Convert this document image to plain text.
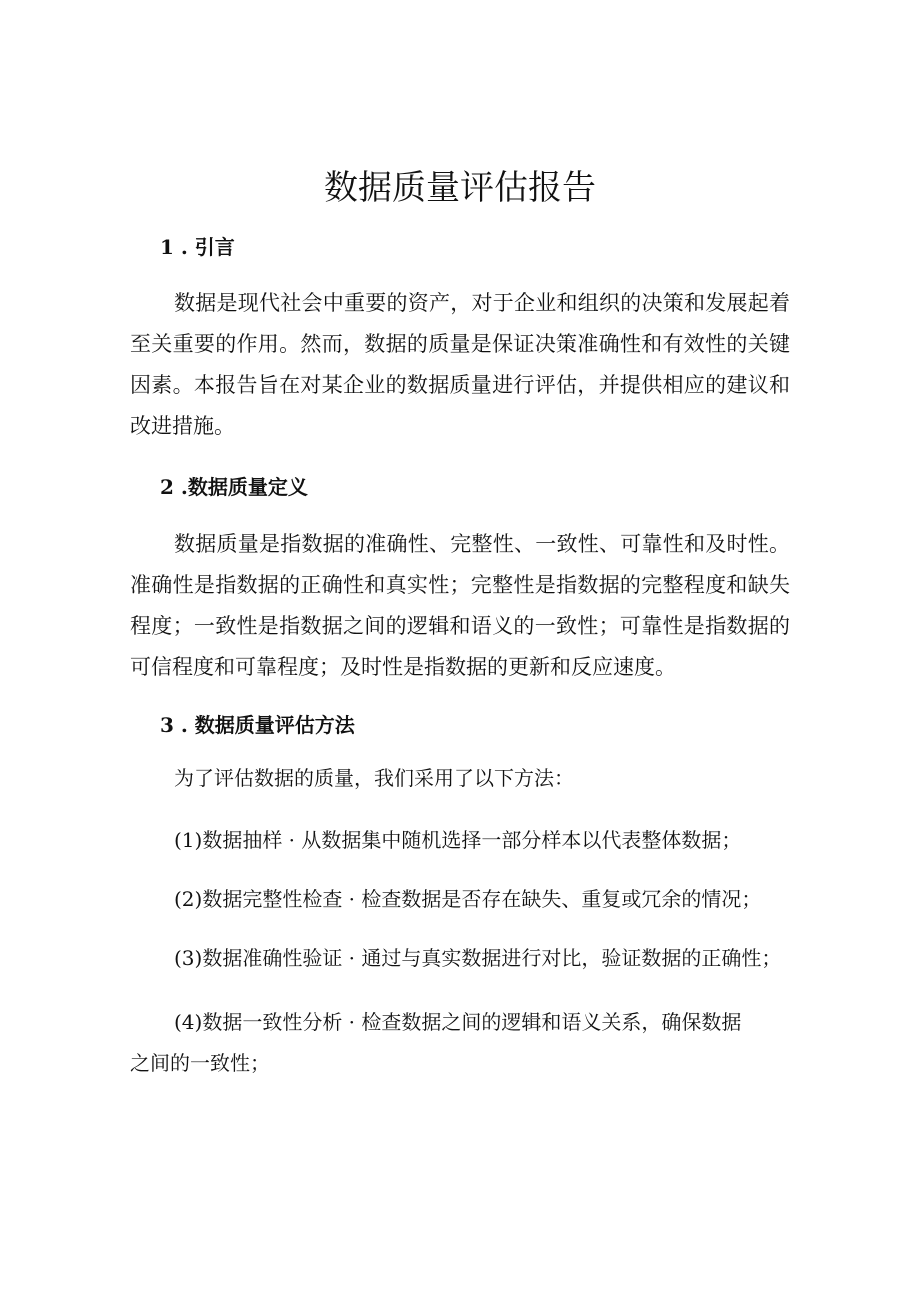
数据质量评估报告
1 . 引言

数据是现代社会中重要的资产，对于企业和组织的决策和发展起着至关重要的作用。然而，数据的质量是保证决策准确性和有效性的关键因素。本报告旨在对某企业的数据质量进行评估，并提供相应的建议和改进措施。

2 .数据质量定义

数据质量是指数据的准确性、完整性、一致性、可靠性和及时性。准确性是指数据的正确性和真实性；完整性是指数据的完整程度和缺失程度；一致性是指数据之间的逻辑和语义的一致性；可靠性是指数据的可信程度和可靠程度；及时性是指数据的更新和反应速度。

3 . 数据质量评估方法

为了评估数据的质量，我们采用了以下方法：

(1)数据抽样 · 从数据集中随机选择一部分样本以代表整体数据；

(2)数据完整性检查 · 检查数据是否存在缺失、重复或冗余的情况；

(3)数据准确性验证 · 通过与真实数据进行对比，验证数据的正确性；

(4)数据一致性分析 · 检查数据之间的逻辑和语义关系，确保数据之间的一致性；
